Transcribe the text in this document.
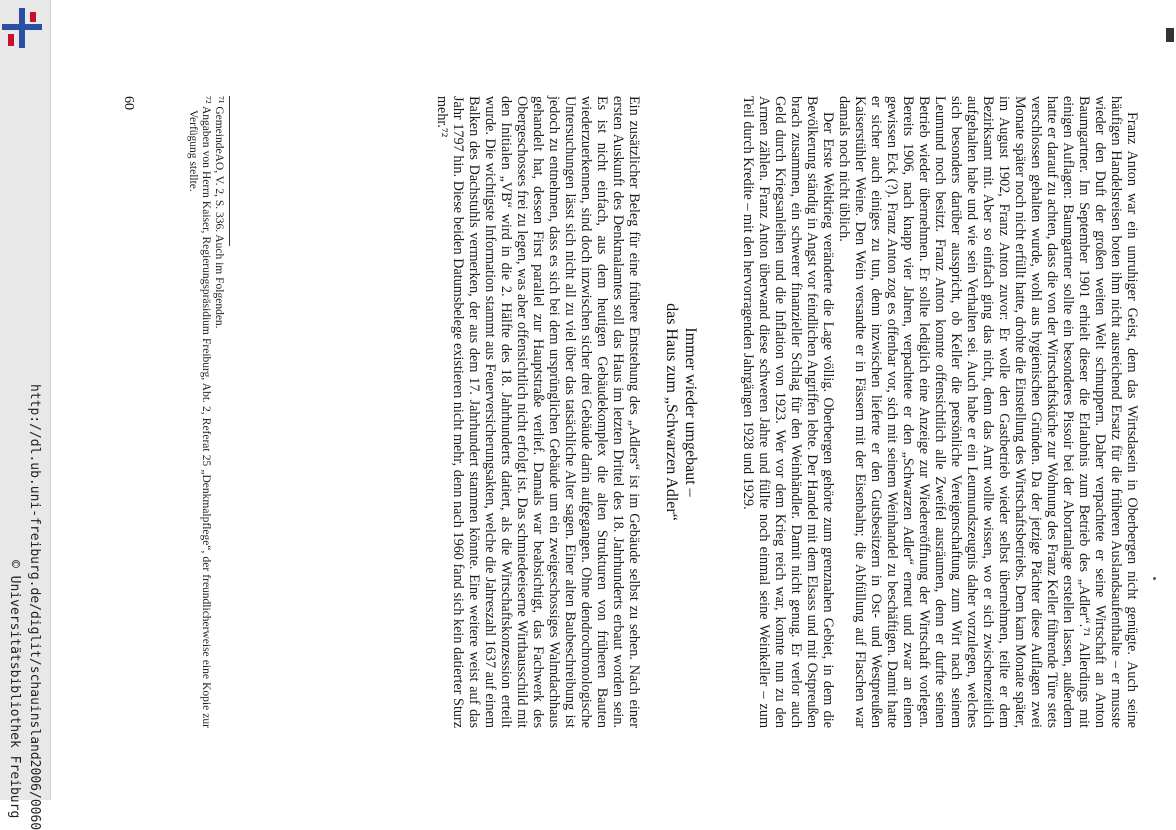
http://dl.ub.uni-freiburg.de/diglit/schauinsland2006/0060
© Universitätsbibliothek Freiburg	Franz Anton war ein unruhiger Geist, dem das Wirtsdasein in Oberbergen nicht genügte. Auch seine häufigen Handelsreisen boten ihm nicht ausreichend Ersatz für die früheren Auslandsaufenthalte – er musste wieder den Duft der großen weiten Welt schnuppern. Daher verpachtete er seine Wirtschaft an Anton Baumgartner. Im September 1901 erhielt dieser die Erlaubnis zum Betrieb des „Adler“.⁷¹ Allerdings mit einigen Auflagen: Baumgartner sollte ein besonderes Pissoir bei der Abortanlage erstellen lassen, außerdem hatte er darauf zu achten, dass die von der Wirtschaftsküche zur Wohnung des Franz Keller führende Türe stets verschlossen gehalten wurde, wohl aus hygienischen Gründen. Da der jetzige Pächter diese Auflagen zwei Monate später noch nicht erfüllt hatte, drohte die Einstellung des Wirtschaftsbetriebs. Dem kam Monate später, im August 1902, Franz Anton zuvor: Er wolle den Gastbetrieb wieder selbst übernehmen, teilte er dem Bezirksamt mit. Aber so einfach ging das nicht, denn das Amt wollte wissen, wo er sich zwischenzeitlich aufgehalten habe und wie sein Verhalten sei. Auch habe er ein Leumundszeugnis daher vorzulegen, welches sich besonders darüber ausspricht, ob Keller die persönliche Vereigenschaftung zum Wirt nach seinem Leumund noch besitzt. Franz Anton konnte offensichtlich alle Zweifel ausräumen, denn er durfte seinen Betrieb wieder übernehmen. Er sollte lediglich eine Anzeige zur Wiedereröffnung der Wirtschaft vorlegen. Bereits 1906, nach knapp vier Jahren, verpachtete er den „Schwarzen Adler“ erneut und zwar an einen gewissen Eck (?). Franz Anton zog es offenbar vor, sich mit seinem Weinhandel zu beschäftigen. Damit hatte er sicher auch einiges zu tun, denn inzwischen lieferte er den Gutsbesitzern in Ost- und Westpreußen Kaiserstühler Weine. Den Wein versandte er in Fässern mit der Eisenbahn; die Abfüllung auf Flaschen war damals noch nicht üblich.

Der Erste Weltkrieg veränderte die Lage völlig. Oberbergen gehörte zum grenznahen Gebiet, in dem die Bevölkerung ständig in Angst vor feindlichen Angriffen lebte. Der Handel mit dem Elsass und mit Ostpreußen brach zusammen, ein schwerer finanzieller Schlag für den Weinhändler. Damit nicht genug. Er verlor auch Geld durch Kriegsanleihen und die Inflation von 1923. Wer vor dem Krieg reich war, konnte nun zu den Armen zählen. Franz Anton überwand diese schweren Jahre und füllte noch einmal seine Weinkeller – zum Teil durch Kredite – mit den hervorragenden Jahrgängen 1928 und 1929.

Immer wieder umgebaut –
das Haus zum „Schwarzen Adler“

Ein zusätzlicher Beleg für eine frühere Entstehung des „Adlers“ ist im Gebäude selbst zu sehen. Nach einer ersten Auskunft des Denkmalamtes soll das Haus im letzten Drittel des 18. Jahrhunderts erbaut worden sein. Es ist nicht einfach, aus dem heutigen Gebäudekomplex die alten Strukturen von früheren Bauten wiederzuerkennen, sind doch inzwischen sicher drei Gebäude darin aufgegangen. Ohne dendrochronologische Untersuchungen lässt sich nicht all zu viel über das tatsächliche Alter sagen. Einer alten Baubeschreibung ist jedoch zu entnehmen, dass es sich bei dem ursprünglichen Gebäude um ein zweigeschossiges Walmdachhaus gehandelt hat, dessen First parallel zur Hauptstraße verlief. Damals war beabsichtigt, das Fachwerk des Obergeschosses frei zu legen, was aber offensichtlich nicht erfolgt ist. Das schmiedeeiserne Wirthausschild mit den Initialen „VB“ wird in die 2. Hälfte des 18. Jahrhunderts datiert, als die Wirtschaftskonzession erteilt wurde. Die wichtigste Information stammt aus Feuerversicherungsakten, welche die Jahreszahl 1637 auf einem Balken des Dachstuhls vermerken, der aus dem 17. Jahrhundert stammen könnte. Eine weitere weist auf das Jahr 1797 hin. Diese beiden Datumsbelege existieren nicht mehr, denn nach 1960 fand sich kein datierter Sturz mehr.⁷²

⁷¹ GemeindeAO, V. 2, S. 336. Auch im Folgenden.

⁷² Angaben von Herrn Kaiser, Regierungspräsidium Freiburg, Abt. 2, Referat 25 „Denkmalpflege“, der freundlicherweise eine Kopie zur Verfügung stellte.

60
